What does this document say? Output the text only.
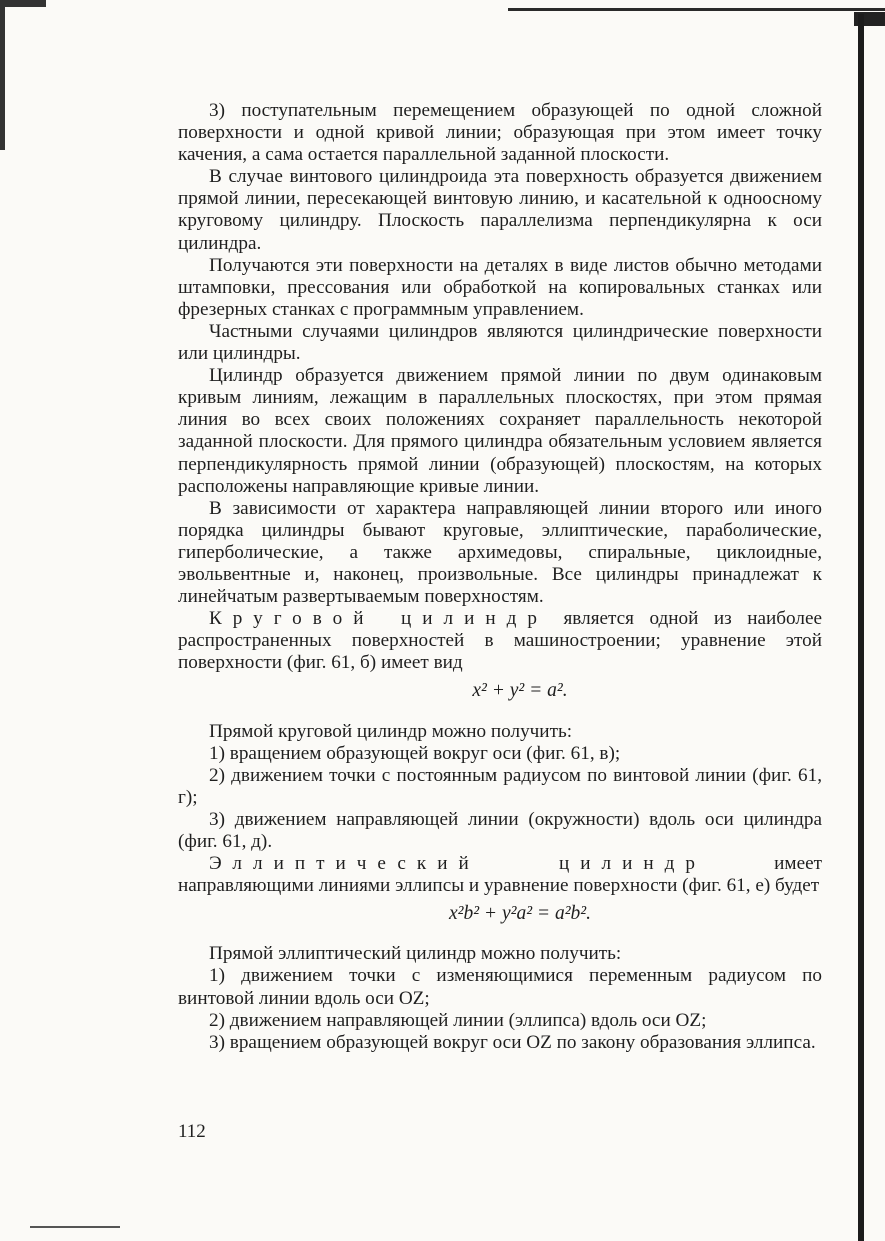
3) поступательным перемещением образующей по одной сложной поверхности и одной кривой линии; образующая при этом имеет точку качения, а сама остается параллельной заданной плоскости.

В случае винтового цилиндроида эта поверхность образуется движением прямой линии, пересекающей винтовую линию, и касательной к одноосному круговому цилиндру. Плоскость параллелизма перпендикулярна к оси цилиндра.

Получаются эти поверхности на деталях в виде листов обычно методами штамповки, прессования или обработкой на копировальных станках или фрезерных станках с программным управлением.

Частными случаями цилиндров являются цилиндрические поверхности или цилиндры.

Цилиндр образуется движением прямой линии по двум одинаковым кривым линиям, лежащим в параллельных плоскостях, при этом прямая линия во всех своих положениях сохраняет параллельность некоторой заданной плоскости. Для прямого цилиндра обязательным условием является перпендикулярность прямой линии (образующей) плоскостям, на которых расположены направляющие кривые линии.

В зависимости от характера направляющей линии второго или иного порядка цилиндры бывают круговые, эллиптические, параболические, гиперболические, а также архимедовы, спиральные, циклоидные, эвольвентные и, наконец, произвольные. Все цилиндры принадлежат к линейчатым развертываемым поверхностям.

Круговой цилиндр является одной из наиболее распространенных поверхностей в машиностроении; уравнение этой поверхности (фиг. 61, б) имеет вид

x² + y² = a².

Прямой круговой цилиндр можно получить:

1) вращением образующей вокруг оси (фиг. 61, в);

2) движением точки с постоянным радиусом по винтовой линии (фиг. 61, г);

3) движением направляющей линии (окружности) вдоль оси цилиндра (фиг. 61, д).

Эллиптический цилиндр имеет направляющими линиями эллипсы и уравнение поверхности (фиг. 61, е) будет

x²b² + y²a² = a²b².

Прямой эллиптический цилиндр можно получить:

1) движением точки с изменяющимися переменным радиусом по винтовой линии вдоль оси OZ;

2) движением направляющей линии (эллипса) вдоль оси OZ;

3) вращением образующей вокруг оси OZ по закону образования эллипса.

112
